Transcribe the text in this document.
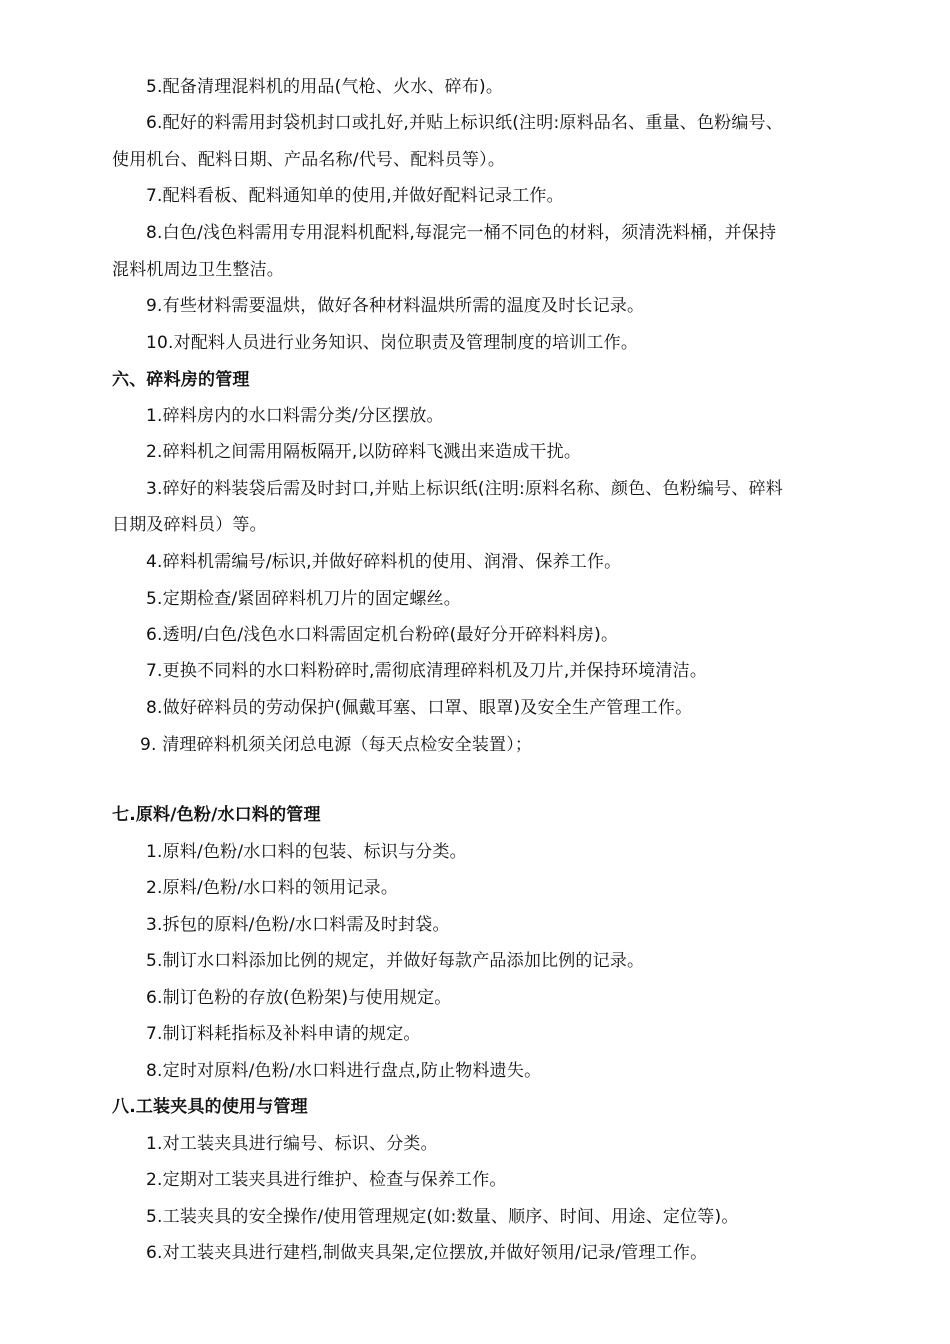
5.配备清理混料机的用品(气枪、火水、碎布)。
6.配好的料需用封袋机封口或扎好,并贴上标识纸(注明:原料品名、重量、色粉编号、
使用机台、配料日期、产品名称/代号、配料员等）。
7.配料看板、配料通知单的使用,并做好配料记录工作。
8.白色/浅色料需用专用混料机配料,每混完一桶不同色的材料，须清洗料桶，并保持
混料机周边卫生整洁。
9.有些材料需要温烘，做好各种材料温烘所需的温度及时长记录。
10.对配料人员进行业务知识、岗位职责及管理制度的培训工作。
六、碎料房的管理
1.碎料房内的水口料需分类/分区摆放。
2.碎料机之间需用隔板隔开,以防碎料飞溅出来造成干扰。
3.碎好的料装袋后需及时封口,并贴上标识纸(注明:原料名称、颜色、色粉编号、碎料
日期及碎料员）等。
4.碎料机需编号/标识,并做好碎料机的使用、润滑、保养工作。
5.定期检查/紧固碎料机刀片的固定螺丝。
6.透明/白色/浅色水口料需固定机台粉碎(最好分开碎料料房)。
7.更换不同料的水口料粉碎时,需彻底清理碎料机及刀片,并保持环境清洁。
8.做好碎料员的劳动保护(佩戴耳塞、口罩、眼罩)及安全生产管理工作。
9. 清理碎料机须关闭总电源（每天点检安全装置）；
七.原料/色粉/水口料的管理
1.原料/色粉/水口料的包装、标识与分类。
2.原料/色粉/水口料的领用记录。
3.拆包的原料/色粉/水口料需及时封袋。
5.制订水口料添加比例的规定，并做好每款产品添加比例的记录。
6.制订色粉的存放(色粉架)与使用规定。
7.制订料耗指标及补料申请的规定。
8.定时对原料/色粉/水口料进行盘点,防止物料遗失。
八.工装夹具的使用与管理
1.对工装夹具进行编号、标识、分类。
2.定期对工装夹具进行维护、检查与保养工作。
5.工装夹具的安全操作/使用管理规定(如:数量、顺序、时间、用途、定位等)。
6.对工装夹具进行建档,制做夹具架,定位摆放,并做好领用/记录/管理工作。
